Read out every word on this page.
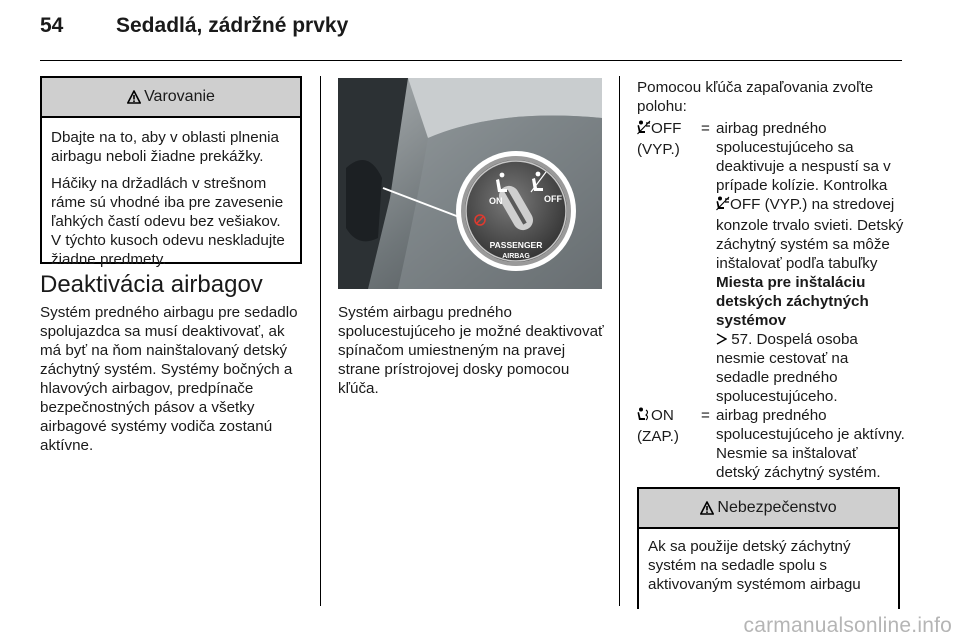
54	Sedadlá, zádržné prvky
Varovanie

Dbajte na to, aby v oblasti plnenia airbagu neboli žiadne prekážky.

Háčiky na držadlách v strešnom ráme sú vhodné iba pre zavesenie ľahkých častí odevu bez vešiakov. V týchto kusoch odevu neskladujte žiadne predmety.

Deaktivácia airbagov
Systém predného airbagu pre sedadlo spolujazdca sa musí deaktivovať, ak má byť na ňom nainštalovaný detský záchytný systém. Systémy bočných a hlavových airbagov, predpínače bezpečnostných pásov a všetky airbagové systémy vodiča zostanú aktívne.
ON	OFF
PASSENGER
AIRBAG
Systém airbagu predného spolucestujúceho je možné deaktivovať spínačom umiestneným na pravej strane prístrojovej dosky pomocou kľúča.
Pomocou kľúča zapaľovania zvoľte polohu:
OFF
(VYP.)
= airbag predného spolucestujúceho sa deaktivuje a nespustí sa v prípade kolízie. Kontrolka OFF (VYP.) na stredovej konzole trvalo svieti. Detský záchytný systém sa môže inštalovať podľa tabuľky Miesta pre inštaláciu detských záchytných systémov
57. Dospelá osoba nesmie cestovať na sedadle predného spolucestujúceho.
ON
(ZAP.)
= airbag predného spolucestujúceho je aktívny. Nesmie sa inštalovať detský záchytný systém.
Nebezpečenstvo
Ak sa použije detský záchytný systém na sedadle spolu s aktivovaným systémom airbagu
carmanualsonline.info
